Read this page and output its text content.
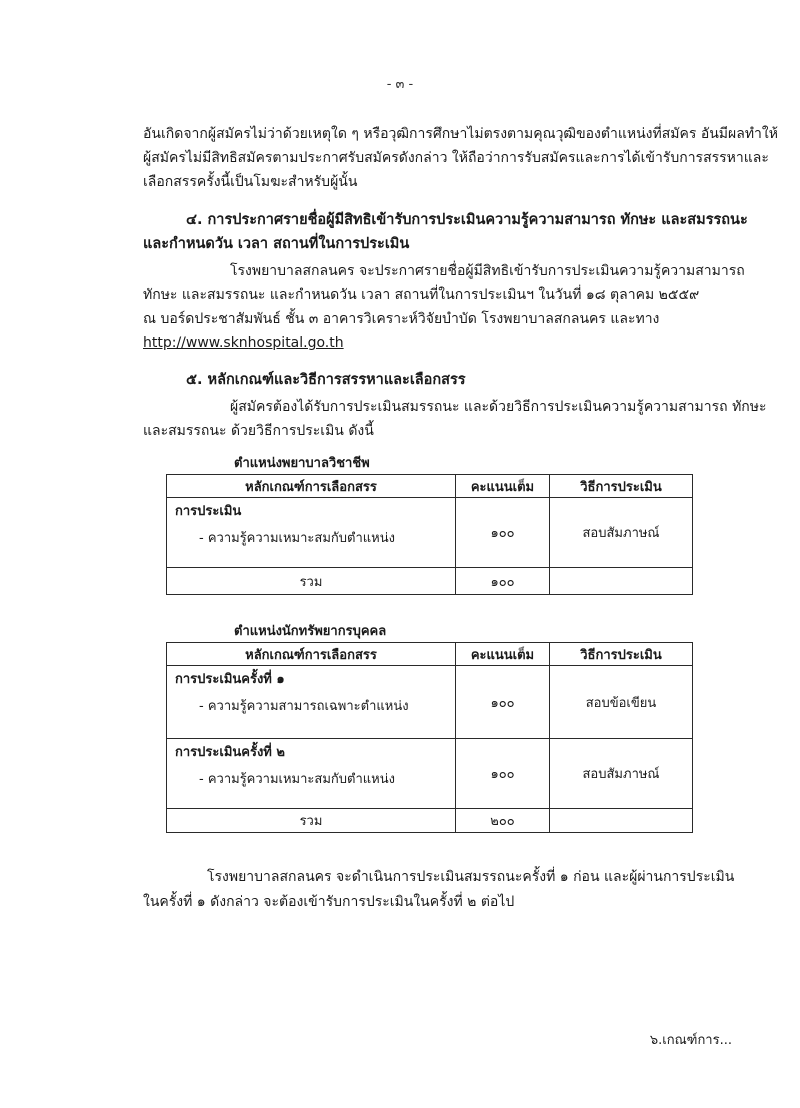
- ๓ -
อันเกิดจากผู้สมัครไม่ว่าด้วยเหตุใด ๆ หรือวุฒิการศึกษาไม่ตรงตามคุณวุฒิของตำแหน่งที่สมัคร อันมีผลทำให้
ผู้สมัครไม่มีสิทธิสมัครตามประกาศรับสมัครดังกล่าว ให้ถือว่าการรับสมัครและการได้เข้ารับการสรรหาและ
เลือกสรรครั้งนี้เป็นโมฆะสำหรับผู้นั้น
๔. การประกาศรายชื่อผู้มีสิทธิเข้ารับการประเมินความรู้ความสามารถ ทักษะ และสมรรถนะ
และกำหนดวัน เวลา สถานที่ในการประเมิน
โรงพยาบาลสกลนคร จะประกาศรายชื่อผู้มีสิทธิเข้ารับการประเมินความรู้ความสามารถ
ทักษะ และสมรรถนะ และกำหนดวัน เวลา สถานที่ในการประเมินฯ ในวันที่ ๑๘ ตุลาคม ๒๕๕๙
ณ บอร์ดประชาสัมพันธ์ ชั้น ๓ อาคารวิเคราะห์วิจัยบำบัด โรงพยาบาลสกลนคร และทาง
http://www.sknhospital.go.th
๕. หลักเกณฑ์และวิธีการสรรหาและเลือกสรร
ผู้สมัครต้องได้รับการประเมินสมรรถนะ และด้วยวิธีการประเมินความรู้ความสามารถ ทักษะ
และสมรรถนะ ด้วยวิธีการประเมิน ดังนี้
ตำแหน่งพยาบาลวิชาชีพ
หลักเกณฑ์การเลือกสรร	คะแนนเต็ม	วิธีการประเมิน

การประเมิน
- ความรู้ความเหมาะสมกับตำแหน่ง	๑๐๐	สอบสัมภาษณ์
รวม	๑๐๐	
ตำแหน่งนักทรัพยากรบุคคล
หลักเกณฑ์การเลือกสรร	คะแนนเต็ม	วิธีการประเมิน

การประเมินครั้งที่ ๑
- ความรู้ความสามารถเฉพาะตำแหน่ง	๑๐๐	สอบข้อเขียน

การประเมินครั้งที่ ๒
- ความรู้ความเหมาะสมกับตำแหน่ง	๑๐๐	สอบสัมภาษณ์
รวม	๒๐๐	
โรงพยาบาลสกลนคร จะดำเนินการประเมินสมรรถนะครั้งที่ ๑ ก่อน และผู้ผ่านการประเมิน
ในครั้งที่ ๑ ดังกล่าว จะต้องเข้ารับการประเมินในครั้งที่ ๒ ต่อไป
๖.เกณฑ์การ...
